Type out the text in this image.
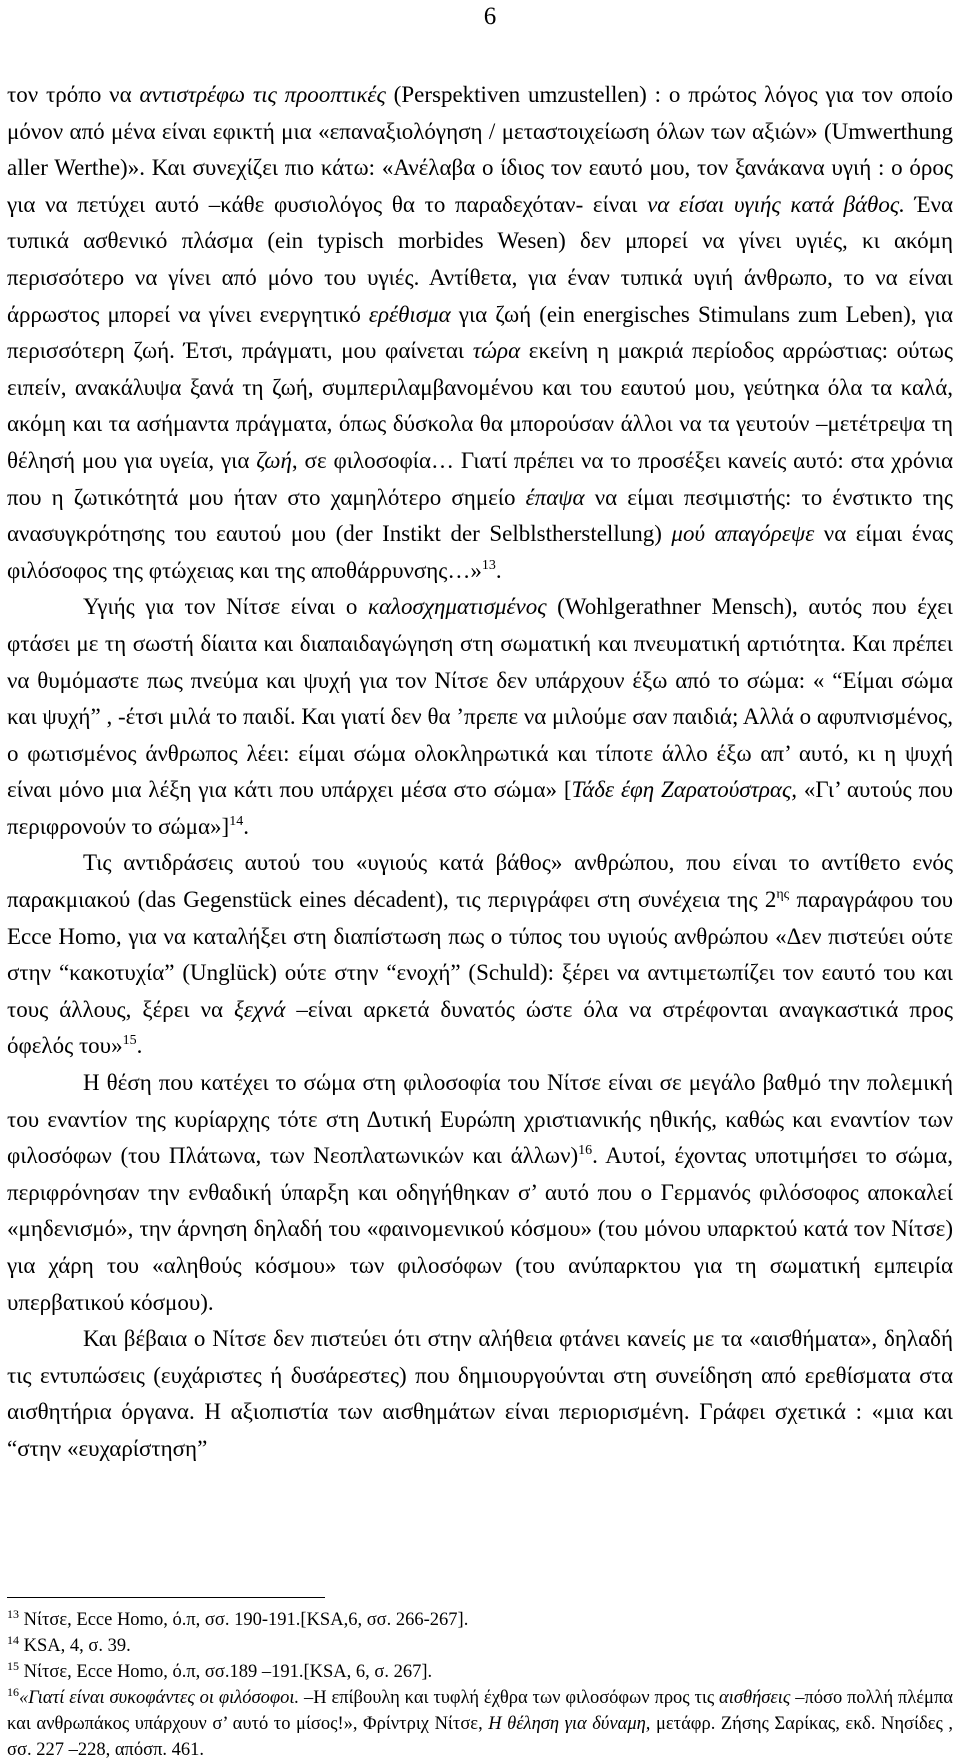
6

τον τρόπο να αντιστρέφω τις προοπτικές (Perspektiven umzustellen) : ο πρώτος λόγος για τον οποίο μόνον από μένα είναι εφικτή μια «επαναξιολόγηση / μεταστοιχείωση όλων των αξιών» (Umwerthung aller Werthe)». Και συνεχίζει πιο κάτω: «Ανέλαβα ο ίδιος τον εαυτό μου, τον ξανάκανα υγιή : ο όρος για να πετύχει αυτό –κάθε φυσιολόγος θα το παραδεχόταν- είναι να είσαι υγιής κατά βάθος. Ένα τυπικά ασθενικό πλάσμα (ein typisch morbides Wesen) δεν μπορεί να γίνει υγιές, κι ακόμη περισσότερο να γίνει από μόνο του υγιές. Αντίθετα, για έναν τυπικά υγιή άνθρωπο, το να είναι άρρωστος μπορεί να γίνει ενεργητικό ερέθισμα για ζωή (ein energisches Stimulans zum Leben), για περισσότερη ζωή. Έτσι, πράγματι, μου φαίνεται τώρα εκείνη η μακριά περίοδος αρρώστιας: ούτως ειπείν, ανακάλυψα ξανά τη ζωή, συμπεριλαμβανομένου και του εαυτού μου, γεύτηκα όλα τα καλά, ακόμη και τα ασήμαντα πράγματα, όπως δύσκολα θα μπορούσαν άλλοι να τα γευτούν –μετέτρεψα τη θέλησή μου για υγεία, για ζωή, σε φιλοσοφία… Γιατί πρέπει να το προσέξει κανείς αυτό: στα χρόνια που η ζωτικότητά μου ήταν στο χαμηλότερο σημείο έπαψα να είμαι πεσιμιστής: το ένστικτο της ανασυγκρότησης του εαυτού μου (der Instikt der Selblstherstellung) μού απαγόρεψε να είμαι ένας φιλόσοφος της φτώχειας και της αποθάρρυνσης…»$^{13}$.

Υγιής για τον Νίτσε είναι ο καλοσχηματισμένος (Wohlgerathner Mensch), αυτός που έχει φτάσει με τη σωστή δίαιτα και διαπαιδαγώγηση στη σωματική και πνευματική αρτιότητα. Και πρέπει να θυμόμαστε πως πνεύμα και ψυχή για τον Νίτσε δεν υπάρχουν έξω από το σώμα: « “Είμαι σώμα και ψυχή” , -έτσι μιλά το παιδί. Και γιατί δεν θα ’πρεπε να μιλούμε σαν παιδιά; Αλλά ο αφυπνισμένος, ο φωτισμένος άνθρωπος λέει: είμαι σώμα ολοκληρωτικά και τίποτε άλλο έξω απ’ αυτό, κι η ψυχή είναι μόνο μια λέξη για κάτι που υπάρχει μέσα στο σώμα» [Τάδε έφη Ζαρατούστρας, «Γι’ αυτούς που περιφρονούν το σώμα»]$^{14}$.

Τις αντιδράσεις αυτού του «υγιούς κατά βάθος» ανθρώπου, που είναι το αντίθετο ενός παρακμιακού (das Gegenstück eines décadent), τις περιγράφει στη συνέχεια της $2^{\eta\varsigma}$ παραγράφου του Ecce Homo, για να καταλήξει στη διαπίστωση πως ο τύπος του υγιούς ανθρώπου «Δεν πιστεύει ούτε στην “κακοτυχία” (Unglück) ούτε στην “ενοχή” (Schuld): ξέρει να αντιμετωπίζει τον εαυτό του και τους άλλους, ξέρει να ξεχνά –είναι αρκετά δυνατός ώστε όλα να στρέφονται αναγκαστικά προς όφελός του»$^{15}$.

Η θέση που κατέχει το σώμα στη φιλοσοφία του Νίτσε είναι σε μεγάλο βαθμό την πολεμική του εναντίον της κυρίαρχης τότε στη Δυτική Ευρώπη χριστιανικής ηθικής, καθώς και εναντίον των φιλοσόφων (του Πλάτωνα, των Νεοπλατωνικών και άλλων)$^{16}$. Αυτοί, έχοντας υποτιμήσει το σώμα, περιφρόνησαν την ενθαδική ύπαρξη και οδηγήθηκαν σ’ αυτό που ο Γερμανός φιλόσοφος αποκαλεί «μηδενισμό», την άρνηση δηλαδή του «φαινομενικού κόσμου» (του μόνου υπαρκτού κατά τον Νίτσε) για χάρη του «αληθούς κόσμου» των φιλοσόφων (του ανύπαρκτου για τη σωματική εμπειρία υπερβατικού κόσμου).

Και βέβαια ο Νίτσε δεν πιστεύει ότι στην αλήθεια φτάνει κανείς με τα «αισθήματα», δηλαδή τις εντυπώσεις (ευχάριστες ή δυσάρεστες) που δημιουργούνται στη συνείδηση από ερεθίσματα στα αισθητήρια όργανα. Η αξιοπιστία των αισθημάτων είναι περιορισμένη. Γράφει σχετικά : «μια και “στην «ευχαρίστηση”

$^{13}$ Νίτσε, Ecce Homo, ό.π, σσ. 190-191.[KSA,6, σσ. 266-267].

$^{14}$ KSA, 4, σ. 39.

$^{15}$ Νίτσε, Ecce Homo, ό.π, σσ.189 –191.[KSA, 6, σ. 267].

$^{16}$«Γιατί είναι συκοφάντες οι φιλόσοφοι. –Η επίβουλη και τυφλή έχθρα των φιλοσόφων προς τις αισθήσεις –πόσο πολλή πλέμπα και ανθρωπάκος υπάρχουν σ’ αυτό το μίσος!», Φρίντριχ Νίτσε, Η θέληση για δύναμη, μετάφρ. Ζήσης Σαρίκας, εκδ. Νησίδες , σσ. 227 –228, απόσπ. 461.
